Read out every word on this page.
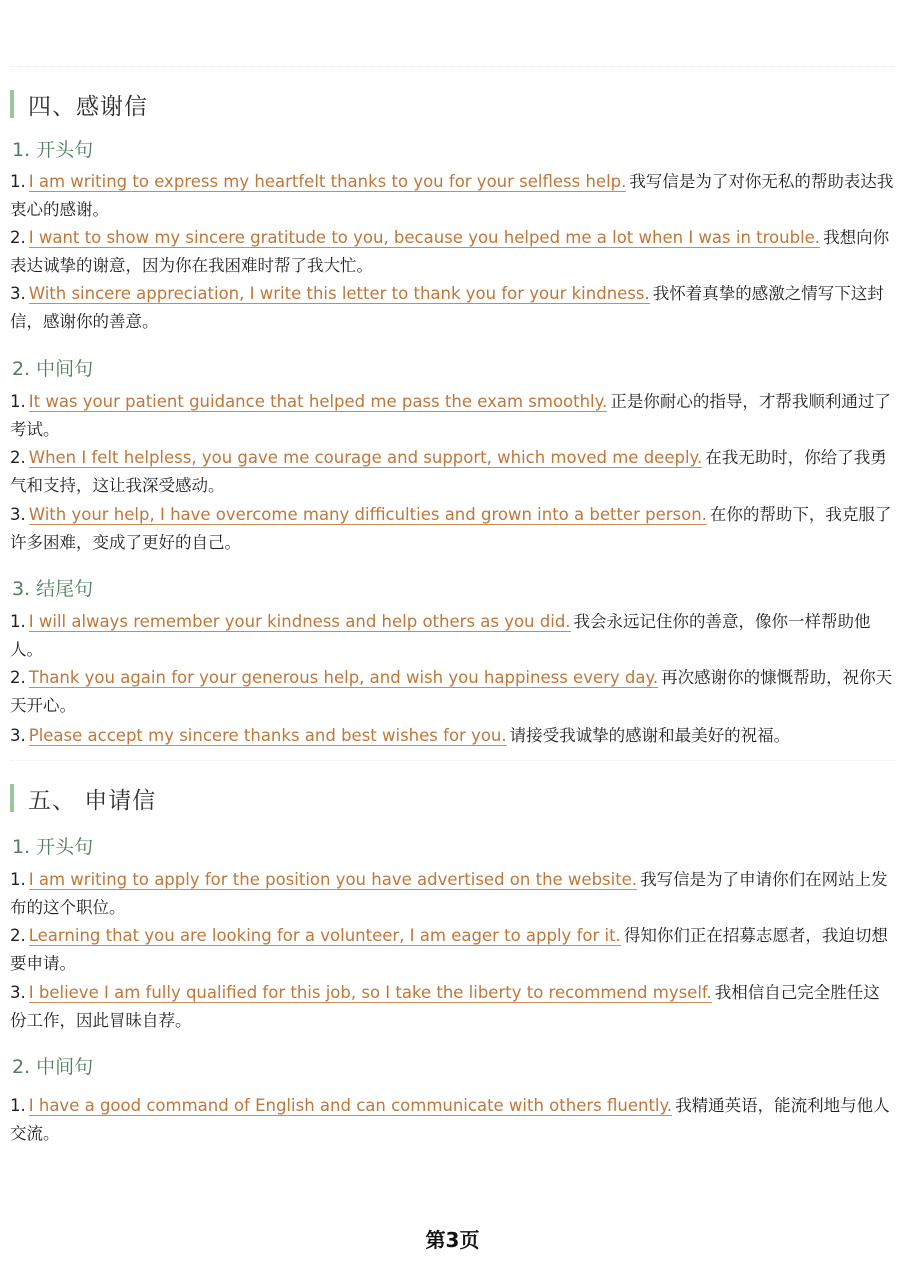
四、感谢信
1. 开头句
1. I am writing to express my heartfelt thanks to you for your selfless help. 我写信是为了对你无私的帮助表达我衷心的感谢。
2. I want to show my sincere gratitude to you, because you helped me a lot when I was in trouble. 我想向你表达诚挚的谢意，因为你在我困难时帮了我大忙。
3. With sincere appreciation, I write this letter to thank you for your kindness. 我怀着真挚的感激之情写下这封信，感谢你的善意。
2. 中间句
1. It was your patient guidance that helped me pass the exam smoothly. 正是你耐心的指导，才帮我顺利通过了考试。
2. When I felt helpless, you gave me courage and support, which moved me deeply. 在我无助时，你给了我勇气和支持，这让我深受感动。
3. With your help, I have overcome many difficulties and grown into a better person. 在你的帮助下，我克服了许多困难，变成了更好的自己。
3. 结尾句
1. I will always remember your kindness and help others as you did. 我会永远记住你的善意，像你一样帮助他人。
2. Thank you again for your generous help, and wish you happiness every day. 再次感谢你的慷慨帮助，祝你天天开心。
3. Please accept my sincere thanks and best wishes for you. 请接受我诚挚的感谢和最美好的祝福。
五、 申请信
1. 开头句
1. I am writing to apply for the position you have advertised on the website. 我写信是为了申请你们在网站上发布的这个职位。
2. Learning that you are looking for a volunteer, I am eager to apply for it. 得知你们正在招募志愿者，我迫切想要申请。
3. I believe I am fully qualified for this job, so I take the liberty to recommend myself. 我相信自己完全胜任这份工作，因此冒昧自荐。
2. 中间句
1. I have a good command of English and can communicate with others fluently. 我精通英语，能流利地与他人交流。
第3页
